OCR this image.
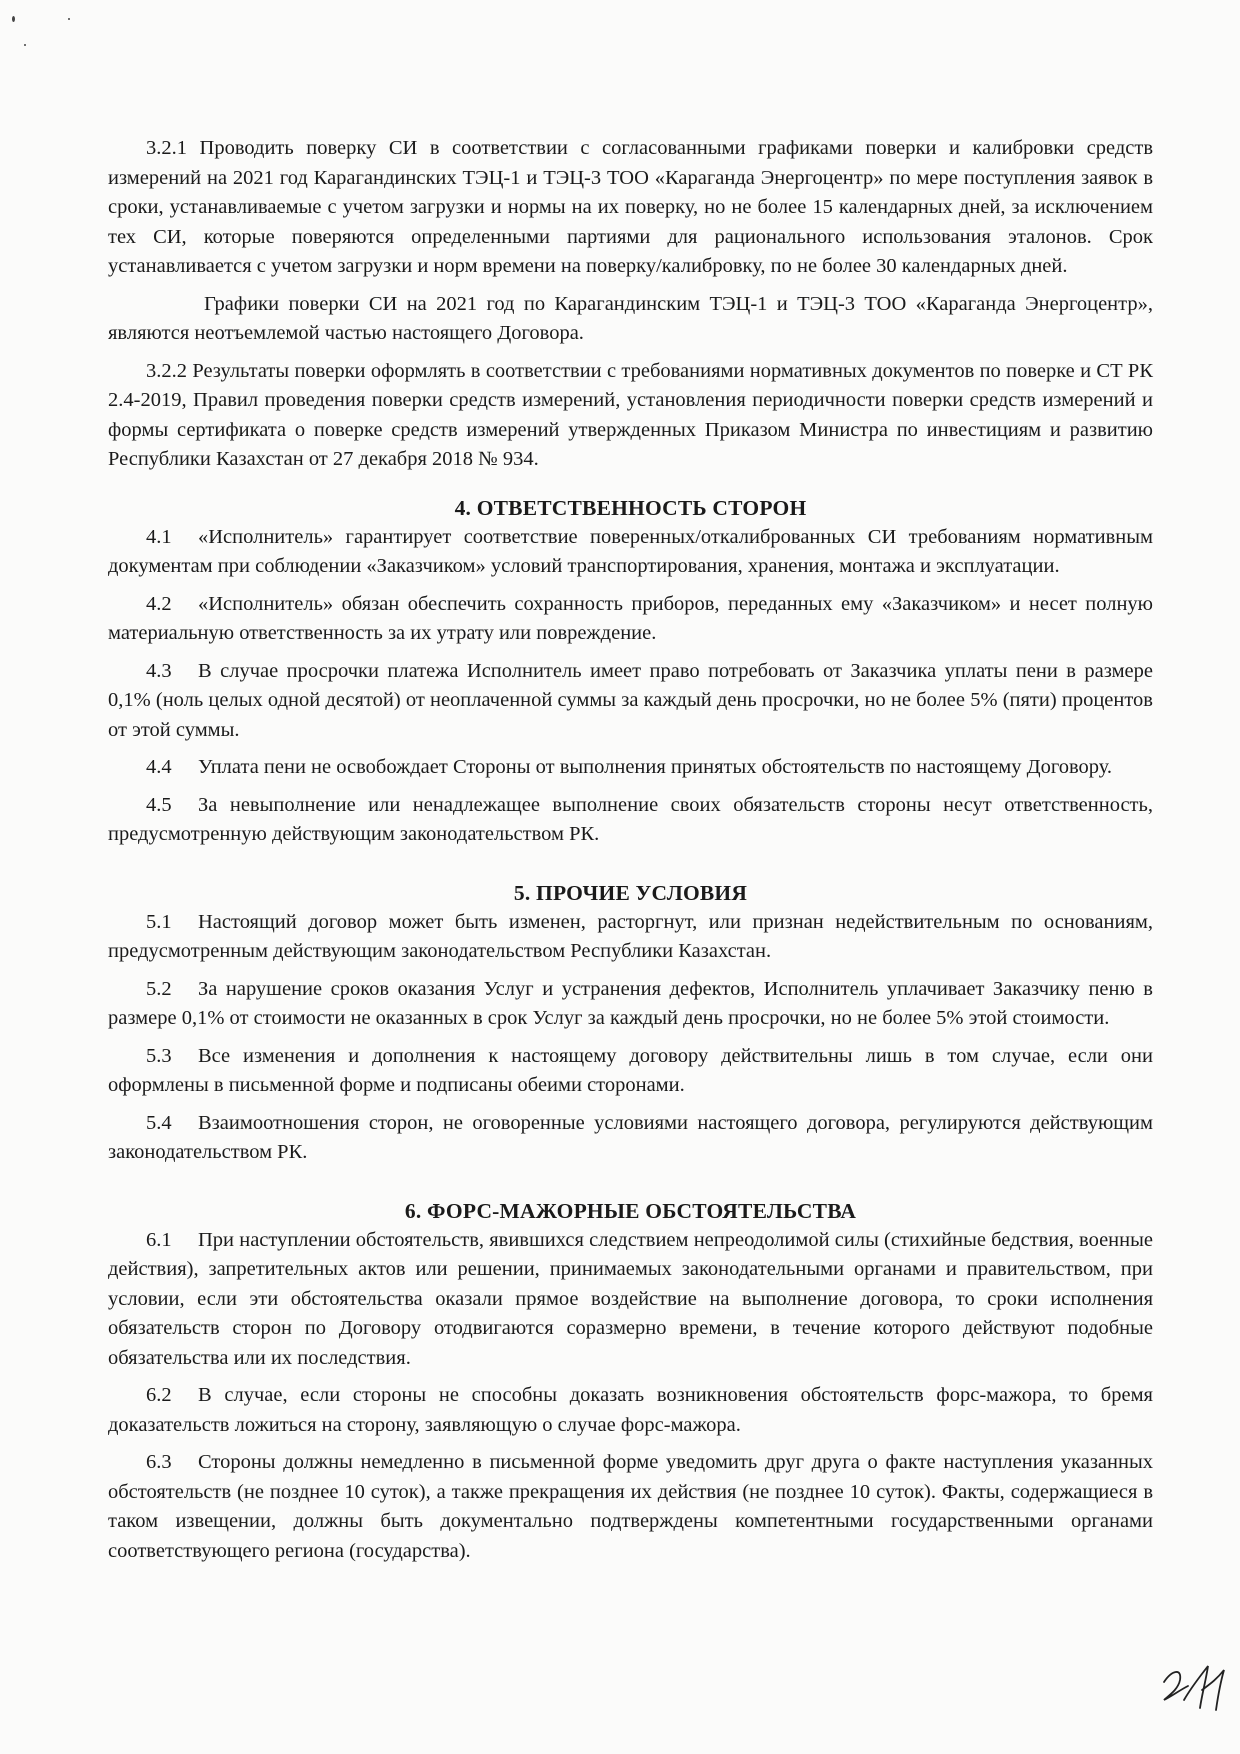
3.2.1 Проводить поверку СИ в соответствии с согласованными графиками поверки и калибровки средств измерений на 2021 год Карагандинских ТЭЦ-1 и ТЭЦ-3 ТОО «Караганда Энергоцентр» по мере поступления заявок в сроки, устанавливаемые с учетом загрузки и нормы на их поверку, но не более 15 календарных дней, за исключением тех СИ, которые поверяются определенными партиями для рационального использования эталонов. Срок устанавливается с учетом загрузки и норм времени на поверку/калибровку, по не более 30 календарных дней.

Графики поверки СИ на 2021 год по Карагандинским ТЭЦ-1 и ТЭЦ-3 ТОО «Караганда Энергоцентр», являются неотъемлемой частью настоящего Договора.

3.2.2 Результаты поверки оформлять в соответствии с требованиями нормативных документов по поверке и СТ РК 2.4-2019, Правил проведения поверки средств измерений, установления периодичности поверки средств измерений и формы сертификата о поверке средств измерений утвержденных Приказом Министра по инвестициям и развитию Республики Казахстан от 27 декабря 2018 № 934.

4. ОТВЕТСТВЕННОСТЬ СТОРОН

4.1 «Исполнитель» гарантирует соответствие поверенных/откалиброванных СИ требованиям нормативным документам при соблюдении «Заказчиком» условий транспортирования, хранения, монтажа и эксплуатации.

4.2 «Исполнитель» обязан обеспечить сохранность приборов, переданных ему «Заказчиком» и несет полную материальную ответственность за их утрату или повреждение.

4.3 В случае просрочки платежа Исполнитель имеет право потребовать от Заказчика уплаты пени в размере 0,1% (ноль целых одной десятой) от неоплаченной суммы за каждый день просрочки, но не более 5% (пяти) процентов от этой суммы.

4.4 Уплата пени не освобождает Стороны от выполнения принятых обстоятельств по настоящему Договору.

4.5 За невыполнение или ненадлежащее выполнение своих обязательств стороны несут ответственность, предусмотренную действующим законодательством РК.

5. ПРОЧИЕ УСЛОВИЯ

5.1 Настоящий договор может быть изменен, расторгнут, или признан недействительным по основаниям, предусмотренным действующим законодательством Республики Казахстан.

5.2 За нарушение сроков оказания Услуг и устранения дефектов, Исполнитель уплачивает Заказчику пеню в размере 0,1% от стоимости не оказанных в срок Услуг за каждый день просрочки, но не более 5% этой стоимости.

5.3 Все изменения и дополнения к настоящему договору действительны лишь в том случае, если они оформлены в письменной форме и подписаны обеими сторонами.

5.4 Взаимоотношения сторон, не оговоренные условиями настоящего договора, регулируются действующим законодательством РК.

6. ФОРС-МАЖОРНЫЕ ОБСТОЯТЕЛЬСТВА

6.1 При наступлении обстоятельств, явившихся следствием непреодолимой силы (стихийные бедствия, военные действия), запретительных актов или решении, принимаемых законодательными органами и правительством, при условии, если эти обстоятельства оказали прямое воздействие на выполнение договора, то сроки исполнения обязательств сторон по Договору отодвигаются соразмерно времени, в течение которого действуют подобные обязательства или их последствия.

6.2 В случае, если стороны не способны доказать возникновения обстоятельств форс-мажора, то бремя доказательств ложиться на сторону, заявляющую о случае форс-мажора.

6.3 Стороны должны немедленно в письменной форме уведомить друг друга о факте наступления указанных обстоятельств (не позднее 10 суток), а также прекращения их действия (не позднее 10 суток). Факты, содержащиеся в таком извещении, должны быть документально подтверждены компетентными государственными органами соответствующего региона (государства).
